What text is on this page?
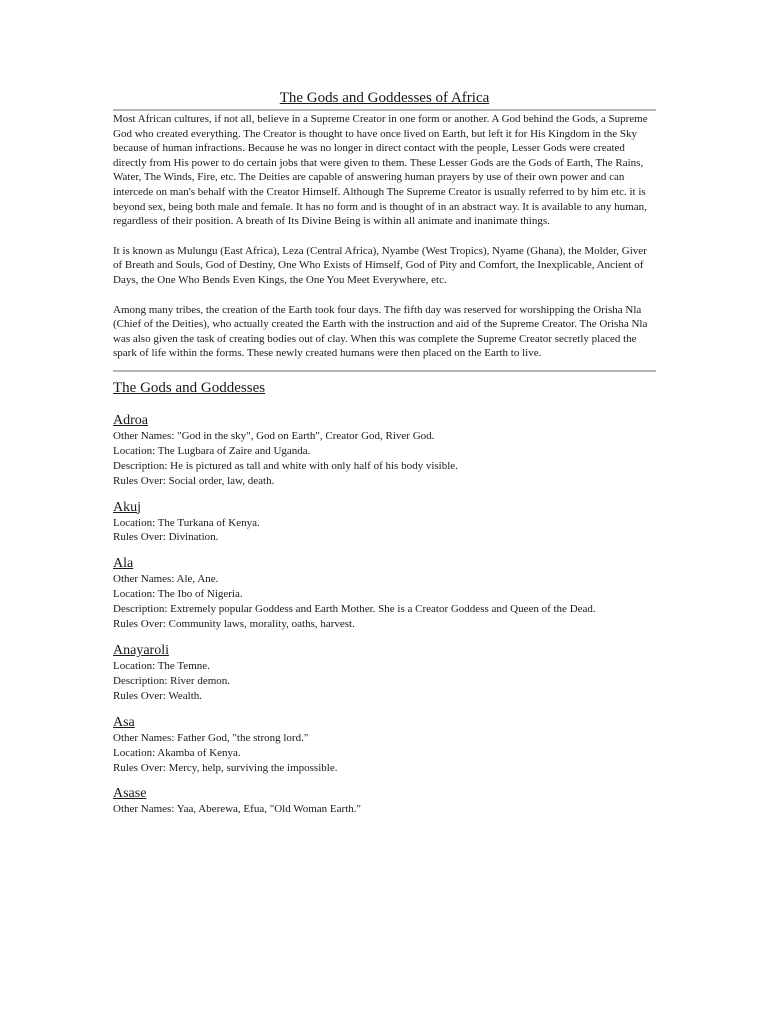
The Gods and Goddesses of Africa

Most African cultures, if not all, believe in a Supreme Creator in one form or another. A God behind the Gods, a Supreme God who created everything. The Creator is thought to have once lived on Earth, but left it for His Kingdom in the Sky because of human infractions. Because he was no longer in direct contact with the people, Lesser Gods were created directly from His power to do certain jobs that were given to them. These Lesser Gods are the Gods of Earth, The Rains, Water, The Winds, Fire, etc. The Deities are capable of answering human prayers by use of their own power and can intercede on man's behalf with the Creator Himself. Although The Supreme Creator is usually referred to by him etc. it is beyond sex, being both male and female. It has no form and is thought of in an abstract way. It is available to any human, regardless of their position. A breath of Its Divine Being is within all animate and inanimate things.

It is known as Mulungu (East Africa), Leza (Central Africa), Nyambe (West Tropics), Nyame (Ghana), the Molder, Giver of Breath and Souls, God of Destiny, One Who Exists of Himself, God of Pity and Comfort, the Inexplicable, Ancient of Days, the One Who Bends Even Kings, the One You Meet Everywhere, etc.

Among many tribes, the creation of the Earth took four days. The fifth day was reserved for worshipping the Orisha Nla (Chief of the Deities), who actually created the Earth with the instruction and aid of the Supreme Creator. The Orisha Nla was also given the task of creating bodies out of clay. When this was complete the Supreme Creator secretly placed the spark of life within the forms. These newly created humans were then placed on the Earth to live.

The Gods and Goddesses

Adroa

Other Names: "God in the sky", God on Earth", Creator God, River God.

Location: The Lugbara of Zaire and Uganda.

Description: He is pictured as tall and white with only half of his body visible.

Rules Over: Social order, law, death.

Akuj

Location: The Turkana of Kenya.

Rules Over: Divination.

Ala

Other Names: Ale, Ane.

Location: The Ibo of Nigeria.

Description: Extremely popular Goddess and Earth Mother. She is a Creator Goddess and Queen of the Dead.

Rules Over: Community laws, morality, oaths, harvest.

Anayaroli

Location: The Temne.

Description: River demon.

Rules Over: Wealth.

Asa

Other Names: Father God, "the strong lord."

Location: Akamba of Kenya.

Rules Over: Mercy, help, surviving the impossible.

Asase

Other Names: Yaa, Aberewa, Efua, "Old Woman Earth."
